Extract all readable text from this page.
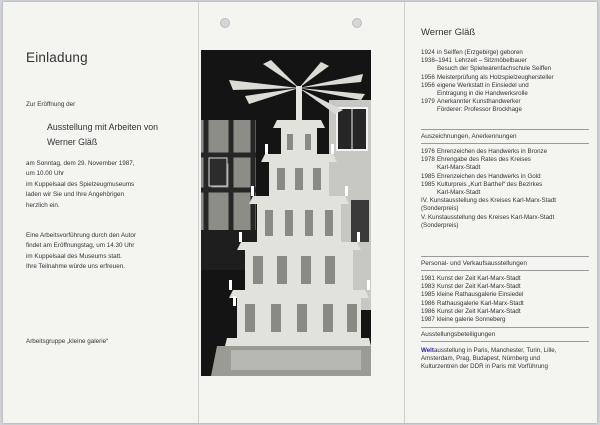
Einladung
Zur Eröffnung der
Ausstellung mit Arbeiten von
Werner Gläß
am Sonntag, dem 29. November 1987,
um 10.00 Uhr
im Kuppelsaal des Spielzeugmuseums
laden wir Sie und Ihre Angehörigen
herzlich ein.
Eine Arbeitsvorführung durch den Autor
findet am Eröffnungstag, um 14.30 Uhr
im Kuppelsaal des Museums statt.
Ihre Teilnahme würde uns erfreuen.
Arbeitsgruppe „kleine galerie“
Werner Gläß
1924 in Seiffen (Erzgebirge) geboren
1938–1941 Lehrzeit – Sitzmöbelbauer
Besuch der Spielwarenfachschule Seiffen
1956 Meisterprüfung als Holzspielzeughersteller
1956 eigene Werkstatt in Einsiedel und
Eintragung in die Handwerksrolle
1979 Anerkannter Kunsthandwerker
Förderer: Professor Brockhage
Auszeichnungen, Anerkennungen
1976 Ehrenzeichen des Handwerks in Bronze
1978 Ehrengabe des Rates des Kreises
Karl-Marx-Stadt
1985 Ehrenzeichen des Handwerks in Gold
1985 Kulturpreis „Kurt Barthel“ des Bezirkes
Karl-Marx-Stadt
IV. Kunstausstellung des Kreises Karl-Marx-Stadt
(Sonderpreis)
V. Kunstausstellung des Kreises Karl-Marx-Stadt
(Sonderpreis)
Personal- und Verkaufsausstellungen
1981 Kunst der Zeit Karl-Marx-Stadt
1983 Kunst der Zeit Karl-Marx-Stadt
1985 kleine Rathausgalerie Einsiedel
1986 Rathausgalerie Karl-Marx-Stadt
1986 Kunst der Zeit Karl-Marx-Stadt
1987 kleine galerie Sonneberg
Ausstellungsbeteiligungen
Weltausstellung in Paris, Manchester, Turin, Lille,
Amsterdam, Prag, Budapest, Nürnberg und
Kulturzentren der DDR in Paris mit Vorführung
